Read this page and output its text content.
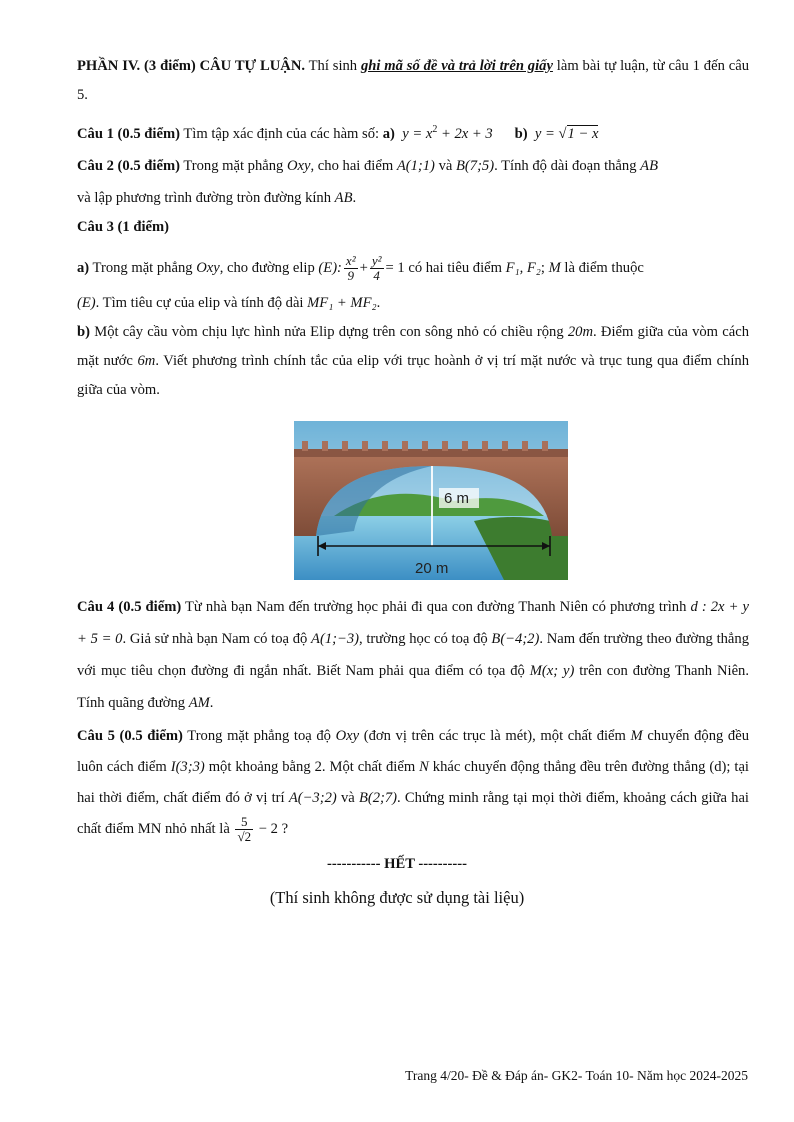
PHẦN IV. (3 điểm) CÂU TỰ LUẬN. Thí sinh ghi mã số đề và trả lời trên giấy làm bài tự luận, từ câu 1 đến câu 5.

Câu 1 (0.5 điểm) Tìm tập xác định của các hàm số: a) $y = x^2 + 2x + 3$ b) y = √1 − x

Câu 2 (0.5 điểm) Trong mặt phẳng Oxy, cho hai điểm A(1;1) và B(7;5). Tính độ dài đoạn thẳng AB
và lập phương trình đường tròn đường kính AB.

Câu 3 (1 điểm)

a) Trong mặt phẳng Oxy, cho đường elip (E): $\frac{\text{x²}}{9} + \frac{\text{y²}}{4} = 1$ có hai tiêu điểm F₁, F₂; M là điểm thuộc

(E). Tìm tiêu cự của elip và tính độ dài MF₁ + MF₂.

b) Một cây cầu vòm chịu lực hình nửa Elip dựng trên con sông nhỏ có chiều rộng 20m. Điểm giữa của vòm cách mặt nước 6m. Viết phương trình chính tắc của elip với trục hoành ở vị trí mặt nước và trục tung qua điểm chính giữa của vòm.

6 m
20 m

Câu 4 (0.5 điểm) Từ nhà bạn Nam đến trường học phải đi qua con đường Thanh Niên có phương trình d : 2x + y + 5 = 0. Giả sử nhà bạn Nam có toạ độ A(1;−3), trường học có toạ độ B(−4;2). Nam đến trường theo đường thẳng với mục tiêu chọn đường đi ngắn nhất. Biết Nam phải qua điểm có tọa độ M(x; y) trên con đường Thanh Niên. Tính quãng đường AM.

Câu 5 (0.5 điểm) Trong mặt phẳng toạ độ Oxy (đơn vị trên các trục là mét), một chất điểm M chuyển động đều luôn cách điểm I(3;3) một khoảng bằng 2. Một chất điểm N khác chuyển động thẳng đều trên đường thẳng (d); tại hai thời điểm, chất điểm đó ở vị trí A(−3;2) và B(2;7). Chứng minh rằng tại mọi thời điểm, khoảng cách giữa hai chất điểm MN nhỏ nhất là $\frac{5}{√2} - 2$ ?

----------- HẾT ----------
(Thí sinh không được sử dụng tài liệu)
Trang 4/20- Đề & Đáp án- GK2- Toán 10- Năm học 2024-2025
